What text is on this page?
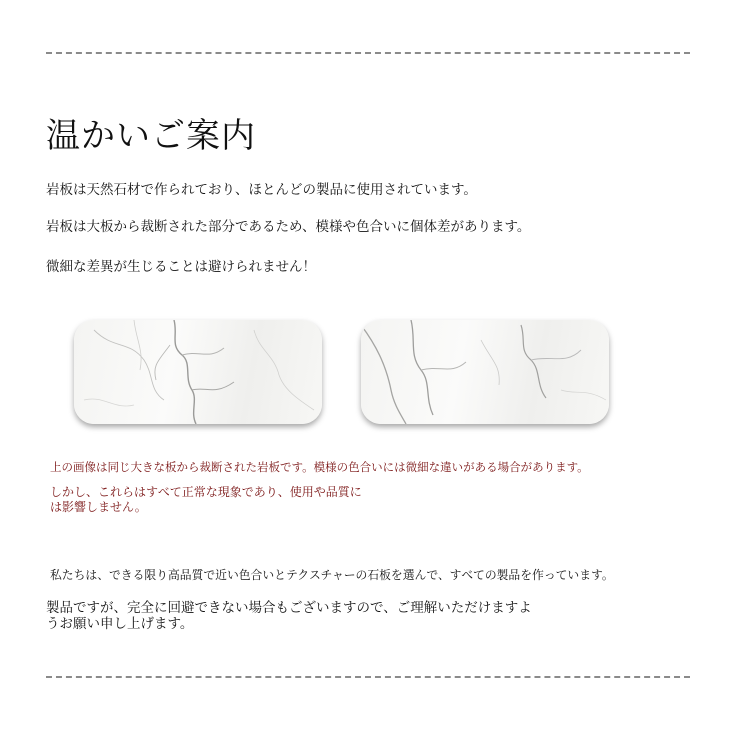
温かいご案内
岩板は天然石材で作られており、ほとんどの製品に使用されています。
岩板は大板から裁断された部分であるため、模様や色合いに個体差があります。
微細な差異が生じることは避けられません！
上の画像は同じ大きな板から裁断された岩板です。模様の色合いには微細な違いがある場合があります。
しかし、これらはすべて正常な現象であり、使用や品質に
は影響しません。
私たちは、できる限り高品質で近い色合いとテクスチャーの石板を選んで、すべての製品を作っています。
製品ですが、完全に回避できない場合もございますので、ご理解いただけますよ
うお願い申し上げます。
